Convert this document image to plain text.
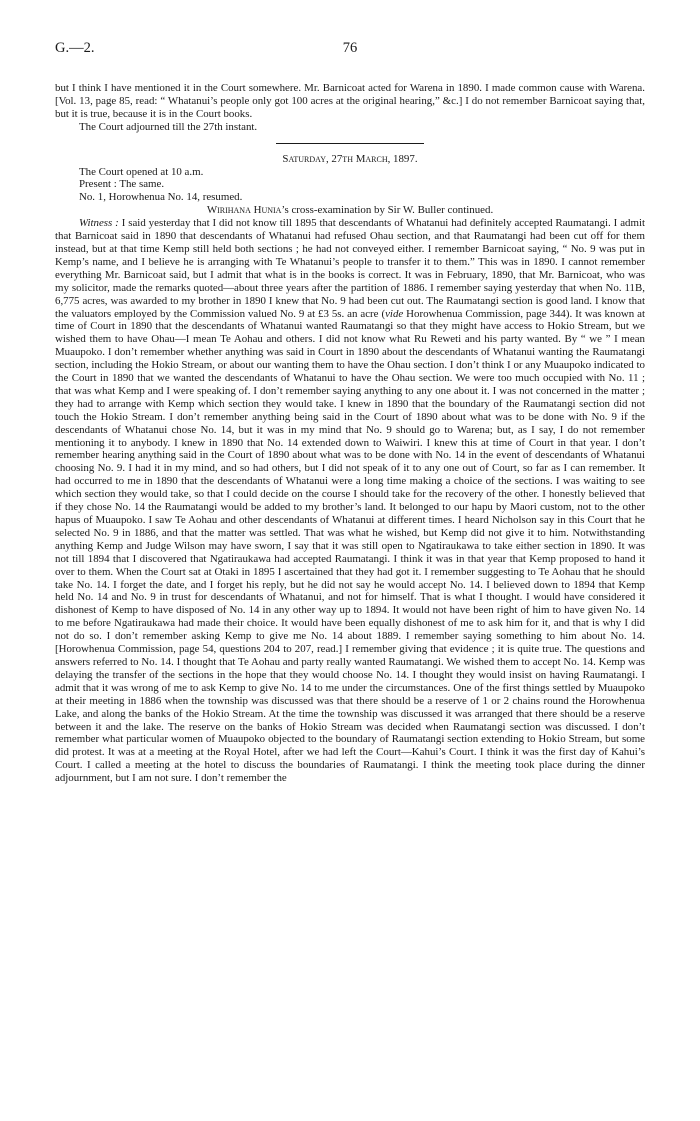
G.—2.	76

but I think I have mentioned it in the Court somewhere. Mr. Barnicoat acted for Warena in 1890. I made common cause with Warena. [Vol. 13, page 85, read: “ Whatanui’s people only got 100 acres at the original hearing,” &c.] I do not remember Barnicoat saying that, but it is true, because it is in the Court books.

The Court adjourned till the 27th instant.

Saturday, 27th March, 1897.

The Court opened at 10 a.m.

Present : The same.

No. 1, Horowhenua No. 14, resumed.

Wirihana Hunia’s cross-examination by Sir W. Buller continued.

Witness : I said yesterday that I did not know till 1895 that descendants of Whatanui had definitely accepted Raumatangi. I admit that Barnicoat said in 1890 that descendants of Whatanui had refused Ohau section, and that Raumatangi had been cut off for them instead, but at that time Kemp still held both sections ; he had not conveyed either. I remember Barnicoat saying, “ No. 9 was put in Kemp’s name, and I believe he is arranging with Te Whatanui’s people to transfer it to them.” This was in 1890. I cannot remember everything Mr. Barnicoat said, but I admit that what is in the books is correct. It was in February, 1890, that Mr. Barnicoat, who was my solicitor, made the remarks quoted—about three years after the partition of 1886. I remember saying yesterday that when No. 11B, 6,775 acres, was awarded to my brother in 1890 I knew that No. 9 had been cut out. The Raumatangi section is good land. I know that the valuators employed by the Commission valued No. 9 at £3 5s. an acre (vide Horowhenua Commission, page 344). It was known at time of Court in 1890 that the descendants of Whatanui wanted Raumatangi so that they might have access to Hokio Stream, but we wished them to have Ohau—I mean Te Aohau and others. I did not know what Ru Reweti and his party wanted. By “ we ” I mean Muaupoko. I don’t remember whether anything was said in Court in 1890 about the descendants of Whatanui wanting the Raumatangi section, including the Hokio Stream, or about our wanting them to have the Ohau section. I don’t think I or any Muaupoko indicated to the Court in 1890 that we wanted the descendants of Whatanui to have the Ohau section. We were too much occupied with No. 11 ; that was what Kemp and I were speaking of. I don’t remember saying anything to any one about it. I was not concerned in the matter ; they had to arrange with Kemp which section they would take. I knew in 1890 that the boundary of the Raumatangi section did not touch the Hokio Stream. I don’t remember anything being said in the Court of 1890 about what was to be done with No. 9 if the descendants of Whatanui chose No. 14, but it was in my mind that No. 9 should go to Warena; but, as I say, I do not remember mentioning it to anybody. I knew in 1890 that No. 14 extended down to Waiwiri. I knew this at time of Court in that year. I don’t remember hearing anything said in the Court of 1890 about what was to be done with No. 14 in the event of descendants of Whatanui choosing No. 9. I had it in my mind, and so had others, but I did not speak of it to any one out of Court, so far as I can remember. It had occurred to me in 1890 that the descendants of Whatanui were a long time making a choice of the sections. I was waiting to see which section they would take, so that I could decide on the course I should take for the recovery of the other. I honestly believed that if they chose No. 14 the Raumatangi would be added to my brother’s land. It belonged to our hapu by Maori custom, not to the other hapus of Muaupoko. I saw Te Aohau and other descendants of Whatanui at different times. I heard Nicholson say in this Court that he selected No. 9 in 1886, and that the matter was settled. That was what he wished, but Kemp did not give it to him. Notwithstanding anything Kemp and Judge Wilson may have sworn, I say that it was still open to Ngatiraukawa to take either section in 1890. It was not till 1894 that I discovered that Ngatiraukawa had accepted Raumatangi. I think it was in that year that Kemp proposed to hand it over to them. When the Court sat at Otaki in 1895 I ascertained that they had got it. I remember suggesting to Te Aohau that he should take No. 14. I forget the date, and I forget his reply, but he did not say he would accept No. 14. I believed down to 1894 that Kemp held No. 14 and No. 9 in trust for descendants of Whatanui, and not for himself. That is what I thought. I would have considered it dishonest of Kemp to have disposed of No. 14 in any other way up to 1894. It would not have been right of him to have given No. 14 to me before Ngatiraukawa had made their choice. It would have been equally dishonest of me to ask him for it, and that is why I did not do so. I don’t remember asking Kemp to give me No. 14 about 1889. I remember saying something to him about No. 14. [Horowhenua Commission, page 54, questions 204 to 207, read.] I remember giving that evidence ; it is quite true. The questions and answers referred to No. 14. I thought that Te Aohau and party really wanted Raumatangi. We wished them to accept No. 14. Kemp was delaying the transfer of the sections in the hope that they would choose No. 14. I thought they would insist on having Raumatangi. I admit that it was wrong of me to ask Kemp to give No. 14 to me under the circumstances. One of the first things settled by Muaupoko at their meeting in 1886 when the township was discussed was that there should be a reserve of 1 or 2 chains round the Horowhenua Lake, and along the banks of the Hokio Stream. At the time the township was discussed it was arranged that there should be a reserve between it and the lake. The reserve on the banks of Hokio Stream was decided when Raumatangi section was discussed. I don’t remember what particular women of Muaupoko objected to the boundary of Raumatangi section extending to Hokio Stream, but some did protest. It was at a meeting at the Royal Hotel, after we had left the Court—Kahui’s Court. I think it was the first day of Kahui’s Court. I called a meeting at the hotel to discuss the boundaries of Raumatangi. I think the meeting took place during the dinner adjournment, but I am not sure. I don’t remember the
